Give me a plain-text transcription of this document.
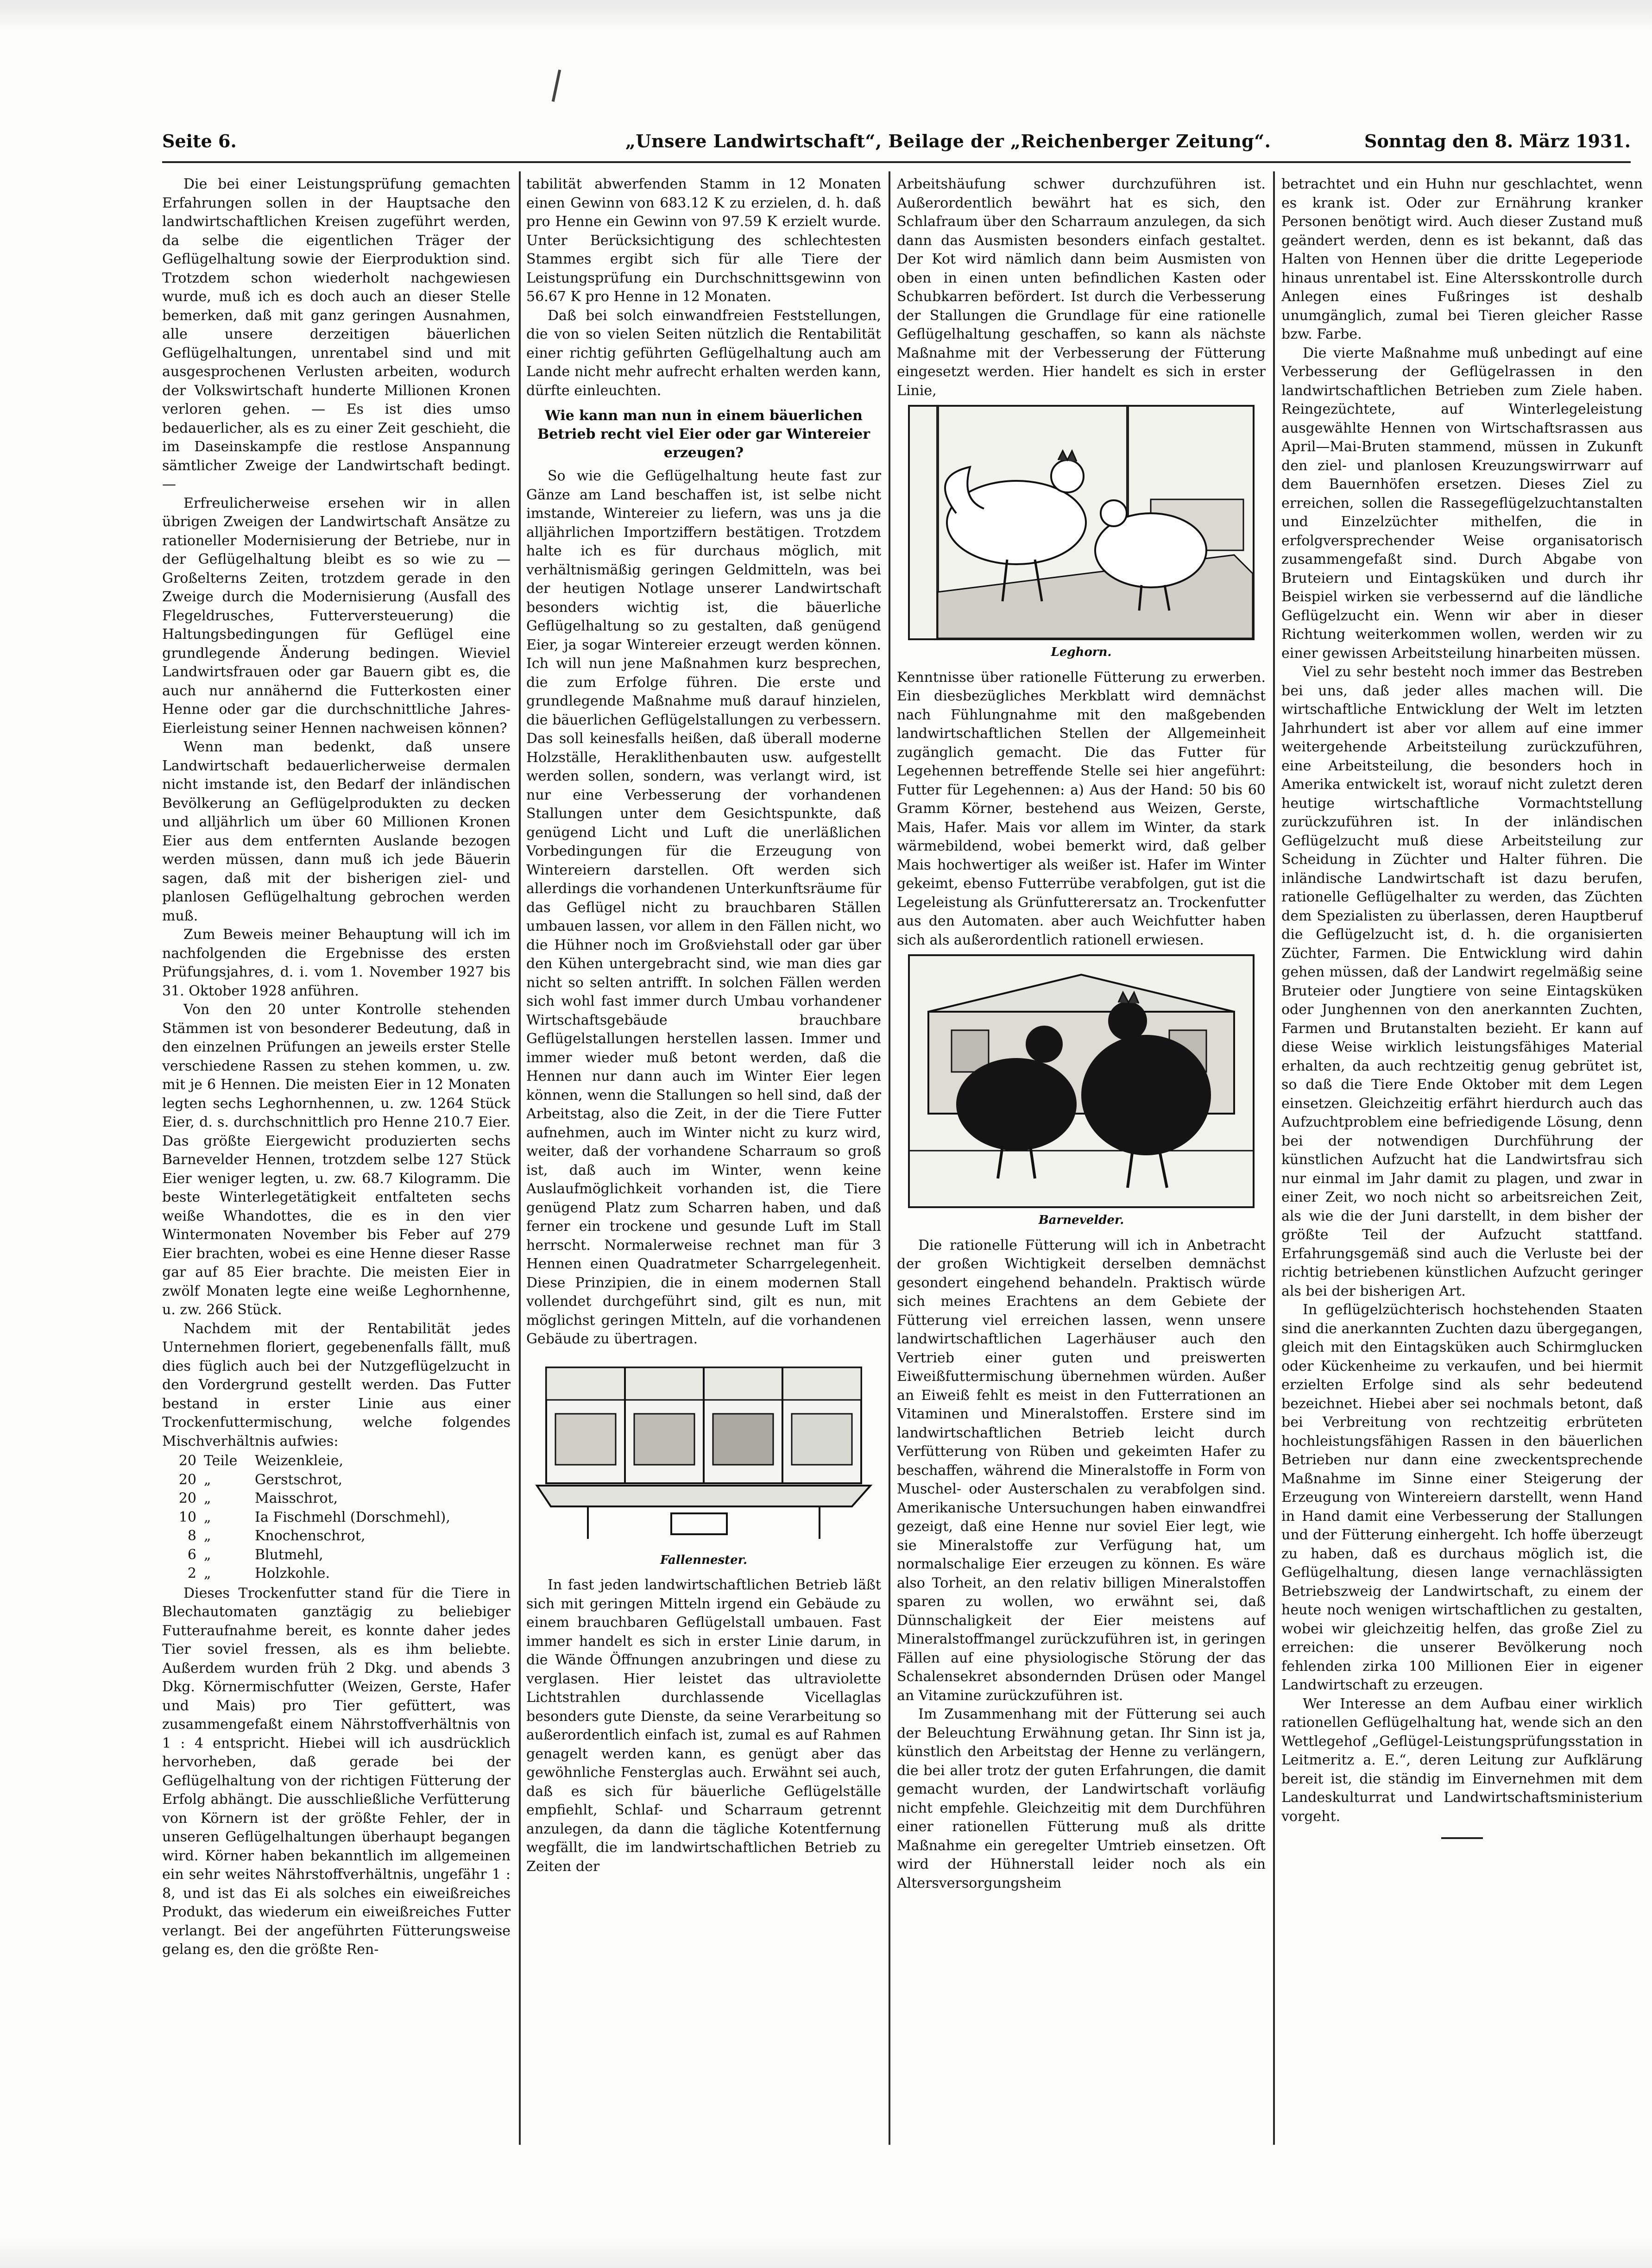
Seite 6.	„Unsere Landwirtschaft“, Beilage der „Reichenberger Zeitung“.	Sonntag den 8. März 1931.

Die bei einer Leistungsprüfung gemachten Erfahrungen sollen in der Hauptsache den landwirtschaftlichen Kreisen zugeführt werden, da selbe die eigentlichen Träger der Geflügelhaltung sowie der Eierproduktion sind. Trotzdem schon wiederholt nachgewiesen wurde, muß ich es doch auch an dieser Stelle bemerken, daß mit ganz geringen Ausnahmen, alle unsere derzeitigen bäuerlichen Geflügelhaltungen, unrentabel sind und mit ausgesprochenen Verlusten arbeiten, wodurch der Volkswirtschaft hunderte Millionen Kronen verloren gehen. — Es ist dies umso bedauerlicher, als es zu einer Zeit geschieht, die im Daseinskampfe die restlose Anspannung sämtlicher Zweige der Landwirtschaft bedingt. —

Erfreulicherweise ersehen wir in allen übrigen Zweigen der Landwirtschaft Ansätze zu rationeller Modernisierung der Betriebe, nur in der Geflügelhaltung bleibt es so wie zu — Großelterns Zeiten, trotzdem gerade in den Zweige durch die Modernisierung (Ausfall des Flegeldrusches, Futterversteuerung) die Haltungsbedingungen für Geflügel eine grundlegende Änderung bedingen. Wieviel Landwirtsfrauen oder gar Bauern gibt es, die auch nur annähernd die Futterkosten einer Henne oder gar die durchschnittliche Jahres-Eierleistung seiner Hennen nachweisen können?

Wenn man bedenkt, daß unsere Landwirtschaft bedauerlicherweise dermalen nicht imstande ist, den Bedarf der inländischen Bevölkerung an Geflügelprodukten zu decken und alljährlich um über 60 Millionen Kronen Eier aus dem entfernten Auslande bezogen werden müssen, dann muß ich jede Bäuerin sagen, daß mit der bisherigen ziel- und planlosen Geflügelhaltung gebrochen werden muß.

Zum Beweis meiner Behauptung will ich im nachfolgenden die Ergebnisse des ersten Prüfungsjahres, d. i. vom 1. November 1927 bis 31. Oktober 1928 anführen.

Von den 20 unter Kontrolle stehenden Stämmen ist von besonderer Bedeutung, daß in den einzelnen Prüfungen an jeweils erster Stelle verschiedene Rassen zu stehen kommen, u. zw. mit je 6 Hennen. Die meisten Eier in 12 Monaten legten sechs Leghornhennen, u. zw. 1264 Stück Eier, d. s. durchschnittlich pro Henne 210.7 Eier. Das größte Eiergewicht produzierten sechs Barnevelder Hennen, trotzdem selbe 127 Stück Eier weniger legten, u. zw. 68.7 Kilogramm. Die beste Winterlegetätigkeit entfalteten sechs weiße Whandottes, die es in den vier Wintermonaten November bis Feber auf 279 Eier brachten, wobei es eine Henne dieser Rasse gar auf 85 Eier brachte. Die meisten Eier in zwölf Monaten legte eine weiße Leghornhenne, u. zw. 266 Stück.

Nachdem mit der Rentabilität jedes Unternehmen floriert, gegebenenfalls fällt, muß dies füglich auch bei der Nutzgeflügelzucht in den Vordergrund gestellt werden. Das Futter bestand in erster Linie aus einer Trockenfuttermischung, welche folgendes Mischverhältnis aufwies:

20	Teile	Weizenkleie,
20	„	Gerstschrot,
20	„	Maisschrot,
10	„	Ia Fischmehl (Dorschmehl),
8	„	Knochenschrot,
6	„	Blutmehl,
2	„	Holzkohle.

Dieses Trockenfutter stand für die Tiere in Blechautomaten ganztägig zu beliebiger Futteraufnahme bereit, es konnte daher jedes Tier soviel fressen, als es ihm beliebte. Außerdem wurden früh 2 Dkg. und abends 3 Dkg. Körnermischfutter (Weizen, Gerste, Hafer und Mais) pro Tier gefüttert, was zusammengefaßt einem Nährstoffverhältnis von 1 : 4 entspricht. Hiebei will ich ausdrücklich hervorheben, daß gerade bei der Geflügelhaltung von der richtigen Fütterung der Erfolg abhängt. Die ausschließliche Verfütterung von Körnern ist der größte Fehler, der in unseren Geflügelhaltungen überhaupt begangen wird. Körner haben bekanntlich im allgemeinen ein sehr weites Nährstoffverhältnis, ungefähr 1 : 8, und ist das Ei als solches ein eiweißreiches Produkt, das wiederum ein eiweißreiches Futter verlangt. Bei der angeführten Fütterungsweise gelang es, den die größte Ren-

tabilität abwerfenden Stamm in 12 Monaten einen Gewinn von 683.12 K zu erzielen, d. h. daß pro Henne ein Gewinn von 97.59 K erzielt wurde. Unter Berücksichtigung des schlechtesten Stammes ergibt sich für alle Tiere der Leistungsprüfung ein Durchschnittsgewinn von 56.67 K pro Henne in 12 Monaten.

Daß bei solch einwandfreien Feststellungen, die von so vielen Seiten nützlich die Rentabilität einer richtig geführten Geflügelhaltung auch am Lande nicht mehr aufrecht erhalten werden kann, dürfte einleuchten.

Wie kann man nun in einem bäuerlichen Betrieb recht viel Eier oder gar Wintereier erzeugen?

So wie die Geflügelhaltung heute fast zur Gänze am Land beschaffen ist, ist selbe nicht imstande, Wintereier zu liefern, was uns ja die alljährlichen Importziffern bestätigen. Trotzdem halte ich es für durchaus möglich, mit verhältnismäßig geringen Geldmitteln, was bei der heutigen Notlage unserer Landwirtschaft besonders wichtig ist, die bäuerliche Geflügelhaltung so zu gestalten, daß genügend Eier, ja sogar Wintereier erzeugt werden können. Ich will nun jene Maßnahmen kurz besprechen, die zum Erfolge führen. Die erste und grundlegende Maßnahme muß darauf hinzielen, die bäuerlichen Geflügelstallungen zu verbessern. Das soll keinesfalls heißen, daß überall moderne Holzställe, Heraklithenbauten usw. aufgestellt werden sollen, sondern, was verlangt wird, ist nur eine Verbesserung der vorhandenen Stallungen unter dem Gesichtspunkte, daß genügend Licht und Luft die unerläßlichen Vorbedingungen für die Erzeugung von Wintereiern darstellen. Oft werden sich allerdings die vorhandenen Unterkunftsräume für das Geflügel nicht zu brauchbaren Ställen umbauen lassen, vor allem in den Fällen nicht, wo die Hühner noch im Großviehstall oder gar über den Kühen untergebracht sind, wie man dies gar nicht so selten antrifft. In solchen Fällen werden sich wohl fast immer durch Umbau vorhandener Wirtschaftsgebäude brauchbare Geflügelstallungen herstellen lassen. Immer und immer wieder muß betont werden, daß die Hennen nur dann auch im Winter Eier legen können, wenn die Stallungen so hell sind, daß der Arbeitstag, also die Zeit, in der die Tiere Futter aufnehmen, auch im Winter nicht zu kurz wird, weiter, daß der vorhandene Scharraum so groß ist, daß auch im Winter, wenn keine Auslaufmöglichkeit vorhanden ist, die Tiere genügend Platz zum Scharren haben, und daß ferner ein trockene und gesunde Luft im Stall herrscht. Normalerweise rechnet man für 3 Hennen einen Quadratmeter Scharrgelegenheit. Diese Prinzipien, die in einem modernen Stall vollendet durchgeführt sind, gilt es nun, mit möglichst geringen Mitteln, auf die vorhandenen Gebäude zu übertragen.

Fallennester.

In fast jeden landwirtschaftlichen Betrieb läßt sich mit geringen Mitteln irgend ein Gebäude zu einem brauchbaren Geflügelstall umbauen. Fast immer handelt es sich in erster Linie darum, in die Wände Öffnungen anzubringen und diese zu verglasen. Hier leistet das ultraviolette Lichtstrahlen durchlassende Vicellaglas besonders gute Dienste, da seine Verarbeitung so außerordentlich einfach ist, zumal es auf Rahmen genagelt werden kann, es genügt aber das gewöhnliche Fensterglas auch. Erwähnt sei auch, daß es sich für bäuerliche Geflügelställe empfiehlt, Schlaf- und Scharraum getrennt anzulegen, da dann die tägliche Kotentfernung wegfällt, die im landwirtschaftlichen Betrieb zu Zeiten der

Arbeitshäufung schwer durchzuführen ist. Außerordentlich bewährt hat es sich, den Schlafraum über den Scharraum anzulegen, da sich dann das Ausmisten besonders einfach gestaltet. Der Kot wird nämlich dann beim Ausmisten von oben in einen unten befindlichen Kasten oder Schubkarren befördert. Ist durch die Verbesserung der Stallungen die Grundlage für eine rationelle Geflügelhaltung geschaffen, so kann als nächste Maßnahme mit der Verbesserung der Fütterung eingesetzt werden. Hier handelt es sich in erster Linie,

Leghorn.

Kenntnisse über rationelle Fütterung zu erwerben. Ein diesbezügliches Merkblatt wird demnächst nach Fühlungnahme mit den maßgebenden landwirtschaftlichen Stellen der Allgemeinheit zugänglich gemacht. Die das Futter für Legehennen betreffende Stelle sei hier angeführt: Futter für Legehennen: a) Aus der Hand: 50 bis 60 Gramm Körner, bestehend aus Weizen, Gerste, Mais, Hafer. Mais vor allem im Winter, da stark wärmebildend, wobei bemerkt wird, daß gelber Mais hochwertiger als weißer ist. Hafer im Winter gekeimt, ebenso Futterrübe verabfolgen, gut ist die Legeleistung als Grünfutterersatz an. Trockenfutter aus den Automaten. aber auch Weichfutter haben sich als außerordentlich rationell erwiesen.

Barnevelder.

Die rationelle Fütterung will ich in Anbetracht der großen Wichtigkeit derselben demnächst gesondert eingehend behandeln. Praktisch würde sich meines Erachtens an dem Gebiete der Fütterung viel erreichen lassen, wenn unsere landwirtschaftlichen Lagerhäuser auch den Vertrieb einer guten und preiswerten Eiweißfuttermischung übernehmen würden. Außer an Eiweiß fehlt es meist in den Futterrationen an Vitaminen und Mineralstoffen. Erstere sind im landwirtschaftlichen Betrieb leicht durch Verfütterung von Rüben und gekeimten Hafer zu beschaffen, während die Mineralstoffe in Form von Muschel- oder Austerschalen zu verabfolgen sind. Amerikanische Untersuchungen haben einwandfrei gezeigt, daß eine Henne nur soviel Eier legt, wie sie Mineralstoffe zur Verfügung hat, um normalschalige Eier erzeugen zu können. Es wäre also Torheit, an den relativ billigen Mineralstoffen sparen zu wollen, wo erwähnt sei, daß Dünnschaligkeit der Eier meistens auf Mineralstoffmangel zurückzuführen ist, in geringen Fällen auf eine physiologische Störung der das Schalensekret absondernden Drüsen oder Mangel an Vitamine zurückzuführen ist.

Im Zusammenhang mit der Fütterung sei auch der Beleuchtung Erwähnung getan. Ihr Sinn ist ja, künstlich den Arbeitstag der Henne zu verlängern, die bei aller trotz der guten Erfahrungen, die damit gemacht wurden, der Landwirtschaft vorläufig nicht empfehle. Gleichzeitig mit dem Durchführen einer rationellen Fütterung muß als dritte Maßnahme ein geregelter Umtrieb einsetzen. Oft wird der Hühnerstall leider noch als ein Altersversorgungsheim

betrachtet und ein Huhn nur geschlachtet, wenn es krank ist. Oder zur Ernährung kranker Personen benötigt wird. Auch dieser Zustand muß geändert werden, denn es ist bekannt, daß das Halten von Hennen über die dritte Legeperiode hinaus unrentabel ist. Eine Altersskontrolle durch Anlegen eines Fußringes ist deshalb unumgänglich, zumal bei Tieren gleicher Rasse bzw. Farbe.

Die vierte Maßnahme muß unbedingt auf eine Verbesserung der Geflügelrassen in den landwirtschaftlichen Betrieben zum Ziele haben. Reingezüchtete, auf Winterlegeleistung ausgewählte Hennen von Wirtschaftsrassen aus April—Mai-Bruten stammend, müssen in Zukunft den ziel- und planlosen Kreuzungswirrwarr auf dem Bauernhöfen ersetzen. Dieses Ziel zu erreichen, sollen die Rassegeflügelzuchtanstalten und Einzelzüchter mithelfen, die in erfolgversprechender Weise organisatorisch zusammengefaßt sind. Durch Abgabe von Bruteiern und Eintagsküken und durch ihr Beispiel wirken sie verbessernd auf die ländliche Geflügelzucht ein. Wenn wir aber in dieser Richtung weiterkommen wollen, werden wir zu einer gewissen Arbeitsteilung hinarbeiten müssen.

Viel zu sehr besteht noch immer das Bestreben bei uns, daß jeder alles machen will. Die wirtschaftliche Entwicklung der Welt im letzten Jahrhundert ist aber vor allem auf eine immer weitergehende Arbeitsteilung zurückzuführen, eine Arbeitsteilung, die besonders hoch in Amerika entwickelt ist, worauf nicht zuletzt deren heutige wirtschaftliche Vormachtstellung zurückzuführen ist. In der inländischen Geflügelzucht muß diese Arbeitsteilung zur Scheidung in Züchter und Halter führen. Die inländische Landwirtschaft ist dazu berufen, rationelle Geflügelhalter zu werden, das Züchten dem Spezialisten zu überlassen, deren Hauptberuf die Geflügelzucht ist, d. h. die organisierten Züchter, Farmen. Die Entwicklung wird dahin gehen müssen, daß der Landwirt regelmäßig seine Bruteier oder Jungtiere von seine Eintagsküken oder Junghennen von den anerkannten Zuchten, Farmen und Brutanstalten bezieht. Er kann auf diese Weise wirklich leistungsfähiges Material erhalten, da auch rechtzeitig genug gebrütet ist, so daß die Tiere Ende Oktober mit dem Legen einsetzen. Gleichzeitig erfährt hierdurch auch das Aufzuchtproblem eine befriedigende Lösung, denn bei der notwendigen Durchführung der künstlichen Aufzucht hat die Landwirtsfrau sich nur einmal im Jahr damit zu plagen, und zwar in einer Zeit, wo noch nicht so arbeitsreichen Zeit, als wie die der Juni darstellt, in dem bisher der größte Teil der Aufzucht stattfand. Erfahrungsgemäß sind auch die Verluste bei der richtig betriebenen künstlichen Aufzucht geringer als bei der bisherigen Art.

In geflügelzüchterisch hochstehenden Staaten sind die anerkannten Zuchten dazu übergegangen, gleich mit den Eintagsküken auch Schirmglucken oder Kückenheime zu verkaufen, und bei hiermit erzielten Erfolge sind als sehr bedeutend bezeichnet. Hiebei aber sei nochmals betont, daß bei Verbreitung von rechtzeitig erbrüteten hochleistungsfähigen Rassen in den bäuerlichen Betrieben nur dann eine zweckentsprechende Maßnahme im Sinne einer Steigerung der Erzeugung von Wintereiern darstellt, wenn Hand in Hand damit eine Verbesserung der Stallungen und der Fütterung einhergeht. Ich hoffe überzeugt zu haben, daß es durchaus möglich ist, die Geflügelhaltung, diesen lange vernachlässigten Betriebszweig der Landwirtschaft, zu einem der heute noch wenigen wirtschaftlichen zu gestalten, wobei wir gleichzeitig helfen, das große Ziel zu erreichen: die unserer Bevölkerung noch fehlenden zirka 100 Millionen Eier in eigener Landwirtschaft zu erzeugen.

Wer Interesse an dem Aufbau einer wirklich rationellen Geflügelhaltung hat, wende sich an den Wettlegehof „Geflügel-Leistungsprüfungsstation in Leitmeritz a. E.“, deren Leitung zur Aufklärung bereit ist, die ständig im Einvernehmen mit dem Landeskulturrat und Landwirtschaftsministerium vorgeht.
